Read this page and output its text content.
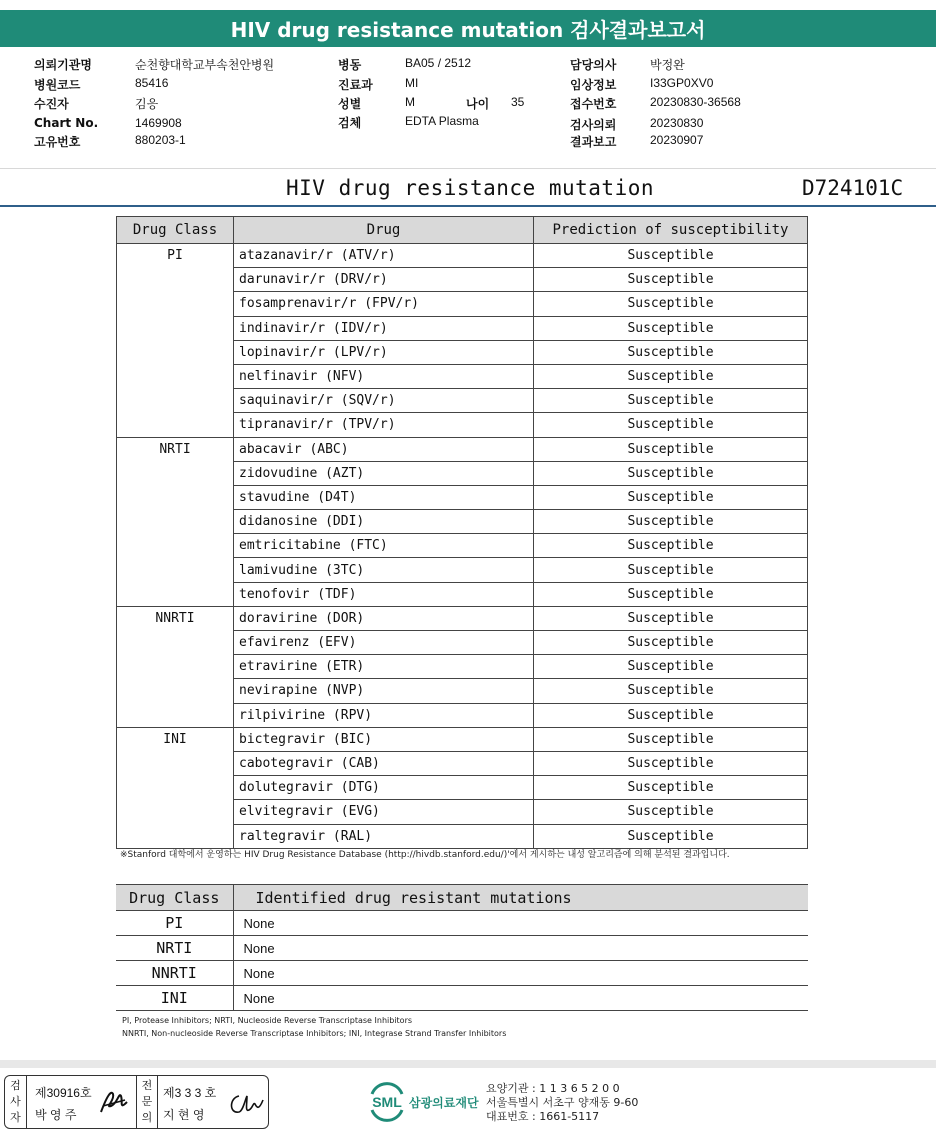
HIV drug resistance mutation 검사결과보고서
의뢰기관명	순천향대학교부속천안병원
병원코드	85416
수진자	김응
Chart No.	1469908
고유번호	880203-1
병동	BA05 / 2512
진료과	MI
성별	M	나이 35
검체	EDTA Plasma
담당의사	박정완
임상정보	I33GP0XV0
접수번호	20230830-36568
검사의뢰	20230830
결과보고	20230907
HIV drug resistance mutation	D724101C
Drug Class	Drug	Prediction of susceptibility
PI	atazanavir/r (ATV/r)	Susceptible
	darunavir/r (DRV/r)	Susceptible
	fosamprenavir/r (FPV/r)	Susceptible
	indinavir/r (IDV/r)	Susceptible
	lopinavir/r (LPV/r)	Susceptible
	nelfinavir (NFV)	Susceptible
	saquinavir/r (SQV/r)	Susceptible
	tipranavir/r (TPV/r)	Susceptible
NRTI	abacavir (ABC)	Susceptible
	zidovudine (AZT)	Susceptible
	stavudine (D4T)	Susceptible
	didanosine (DDI)	Susceptible
	emtricitabine (FTC)	Susceptible
	lamivudine (3TC)	Susceptible
	tenofovir (TDF)	Susceptible
NNRTI	doravirine (DOR)	Susceptible
	efavirenz (EFV)	Susceptible
	etravirine (ETR)	Susceptible
	nevirapine (NVP)	Susceptible
	rilpivirine (RPV)	Susceptible
INI	bictegravir (BIC)	Susceptible
	cabotegravir (CAB)	Susceptible
	dolutegravir (DTG)	Susceptible
	elvitegravir (EVG)	Susceptible
	raltegravir (RAL)	Susceptible
※Stanford 대학에서 운영하는 HIV Drug Resistance Database (http://hivdb.stanford.edu/)'에서 게시하는 내성 알고리즘에 의해 분석된 결과입니다.
Drug Class	Identified drug resistant mutations
PI	None
NRTI	None
NNRTI	None
INI	None
PI, Protease Inhibitors; NRTI, Nucleoside Reverse Transcriptase Inhibitors
NNRTI, Non-nucleoside Reverse Transcriptase Inhibitors; INI, Integrase Strand Transfer Inhibitors
검
사
자
제30916호
박 영 주
전
문
의
제3 3 3 호
지 현 영
SML 삼광의료재단
요양기관 : 1 1 3 6 5 2 0 0
서울특별시 서초구 양재동 9-60
대표번호 : 1661-5117
